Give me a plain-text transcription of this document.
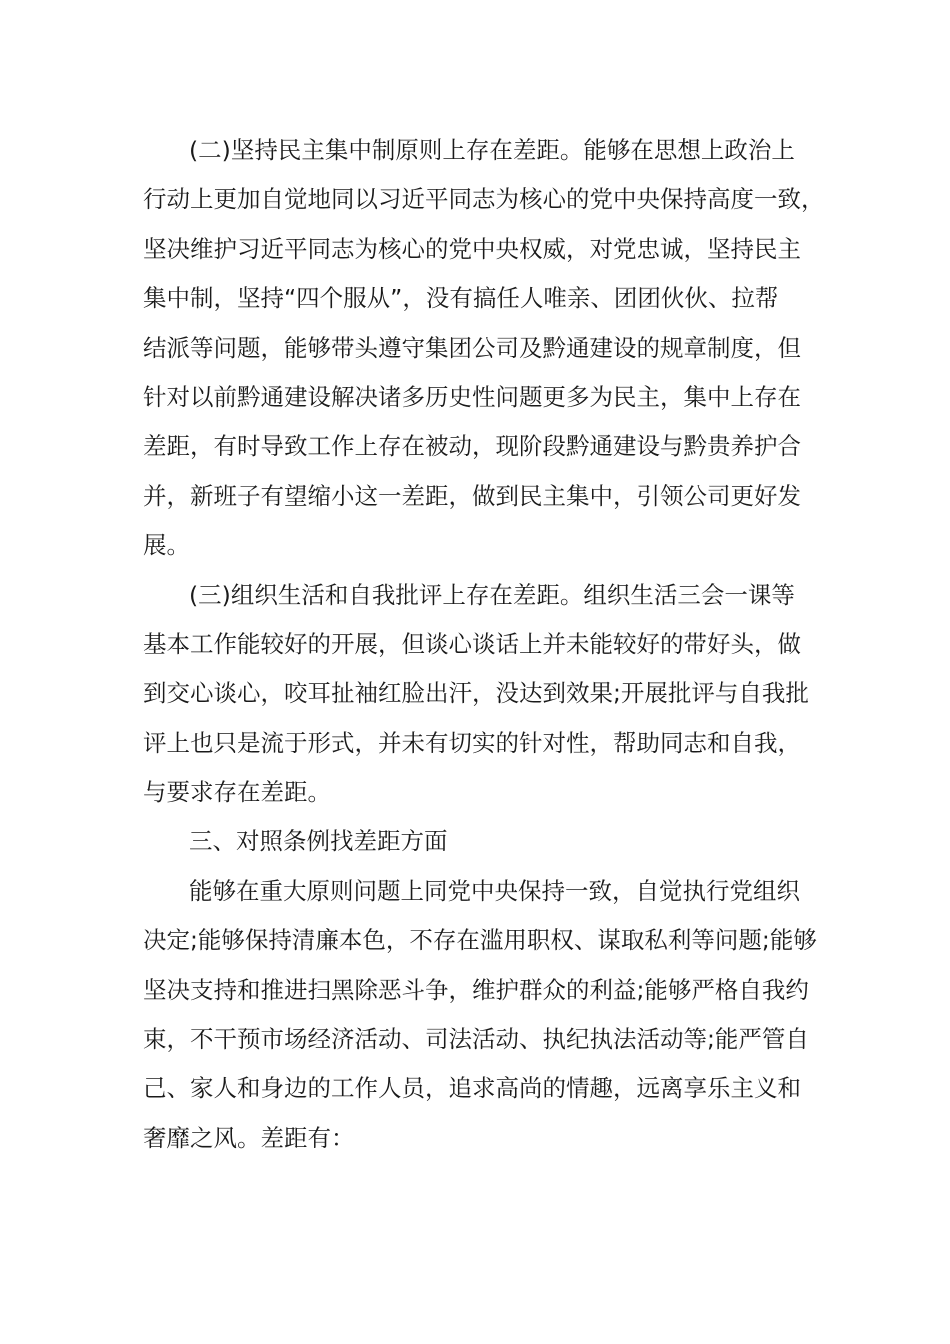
(二)坚持民主集中制原则上存在差距。能够在思想上政治上
行动上更加自觉地同以习近平同志为核心的党中央保持高度一致，
坚决维护习近平同志为核心的党中央权威，对党忠诚，坚持民主
集中制，坚持“四个服从”，没有搞任人唯亲、团团伙伙、拉帮
结派等问题，能够带头遵守集团公司及黔通建设的规章制度，但
针对以前黔通建设解决诸多历史性问题更多为民主，集中上存在
差距，有时导致工作上存在被动，现阶段黔通建设与黔贵养护合
并，新班子有望缩小这一差距，做到民主集中，引领公司更好发
展。
(三)组织生活和自我批评上存在差距。组织生活三会一课等
基本工作能较好的开展，但谈心谈话上并未能较好的带好头，做
到交心谈心，咬耳扯袖红脸出汗，没达到效果;开展批评与自我批
评上也只是流于形式，并未有切实的针对性，帮助同志和自我，
与要求存在差距。
三、对照条例找差距方面
能够在重大原则问题上同党中央保持一致，自觉执行党组织
决定;能够保持清廉本色，不存在滥用职权、谋取私利等问题;能够
坚决支持和推进扫黑除恶斗争，维护群众的利益;能够严格自我约
束，不干预市场经济活动、司法活动、执纪执法活动等;能严管自
己、家人和身边的工作人员，追求高尚的情趣，远离享乐主义和
奢靡之风。差距有：
